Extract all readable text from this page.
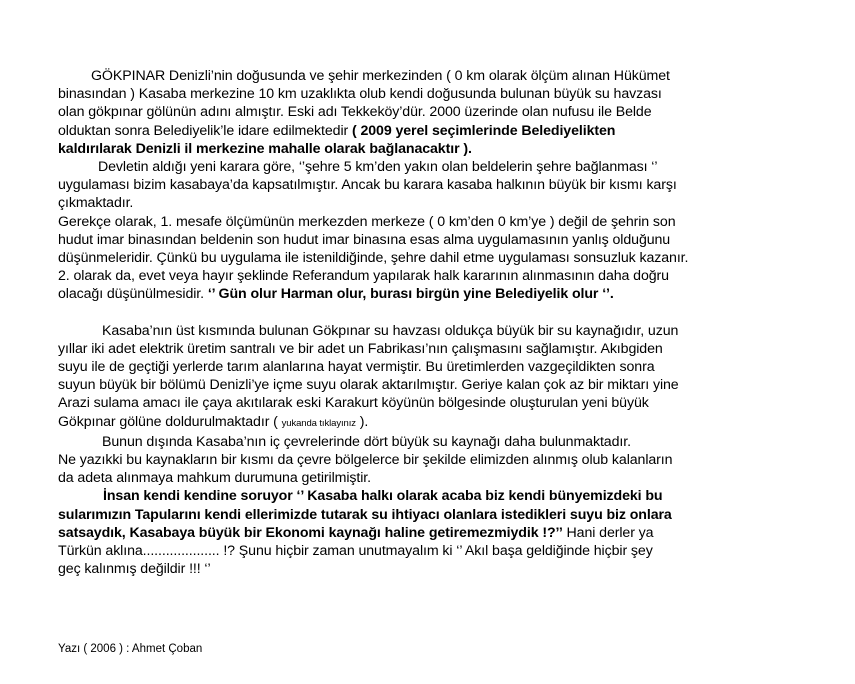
GÖKPINAR Denizli’nin doğusunda ve şehir merkezinden ( 0 km olarak ölçüm alınan Hükümet

binasından ) Kasaba merkezine 10 km uzaklıkta olub kendi doğusunda bulunan büyük su havzası

olan gökpınar gölünün adını almıştır. Eski adı Tekkeköy’dür. 2000 üzerinde olan nufusu ile Belde

olduktan sonra Belediyelik’le idare edilmektedir ( 2009 yerel seçimlerinde Belediyelikten

kaldırılarak Denizli il merkezine mahalle olarak bağlanacaktır ).

Devletin aldığı yeni karara göre, ‘’şehre 5 km’den yakın olan beldelerin şehre bağlanması ‘’

uygulaması bizim kasabaya’da kapsatılmıştır. Ancak bu karara kasaba halkının büyük bir kısmı karşı

çıkmaktadır.

Gerekçe olarak, 1. mesafe ölçümünün merkezden merkeze ( 0 km’den 0 km’ye ) değil de şehrin son

hudut imar binasından beldenin son hudut imar binasına esas alma uygulamasının yanlış olduğunu

düşünmeleridir. Çünkü bu uygulama ile istenildiğinde, şehre dahil etme uygulaması sonsuzluk kazanır.

2. olarak da, evet veya hayır şeklinde Referandum yapılarak halk kararının alınmasının daha doğru

olacağı düşünülmesidir. ‘’ Gün olur Harman olur, burası birgün yine Belediyelik olur ‘’.

Kasaba’nın üst kısmında bulunan Gökpınar su havzası oldukça büyük bir su kaynağıdır, uzun

yıllar iki adet elektrik üretim santralı ve bir adet un Fabrikası’nın çalışmasını sağlamıştır. Akıbgiden

suyu ile de geçtiği yerlerde tarım alanlarına hayat vermiştir. Bu üretimlerden vazgeçildikten sonra

suyun büyük bir bölümü Denizli’ye içme suyu olarak aktarılmıştır. Geriye kalan çok az bir miktarı yine

Arazi sulama amacı ile çaya akıtılarak eski Karakurt köyünün bölgesinde oluşturulan yeni büyük

Gökpınar gölüne doldurulmaktadır ( yukanda tıklayınız ).

Bunun dışında Kasaba’nın iç çevrelerinde dört büyük su kaynağı daha bulunmaktadır.

Ne yazıkki bu kaynakların bir kısmı da çevre bölgelerce bir şekilde elimizden alınmış olub kalanların

da adeta alınmaya mahkum durumuna getirilmiştir.

İnsan kendi kendine soruyor ‘’ Kasaba halkı olarak acaba biz kendi bünyemizdeki bu

sularımızın Tapularını kendi ellerimizde tutarak su ihtiyacı olanlara istedikleri suyu biz onlara

satsaydık, Kasabaya büyük bir Ekonomi kaynağı haline getiremezmiydik !?’’ Hani derler ya

Türkün aklına.................... !? Şunu hiçbir zaman unutmayalım ki ‘’ Akıl başa geldiğinde hiçbir şey

geç kalınmış değildir !!! ‘’

Yazı ( 2006 ) : Ahmet Çoban
